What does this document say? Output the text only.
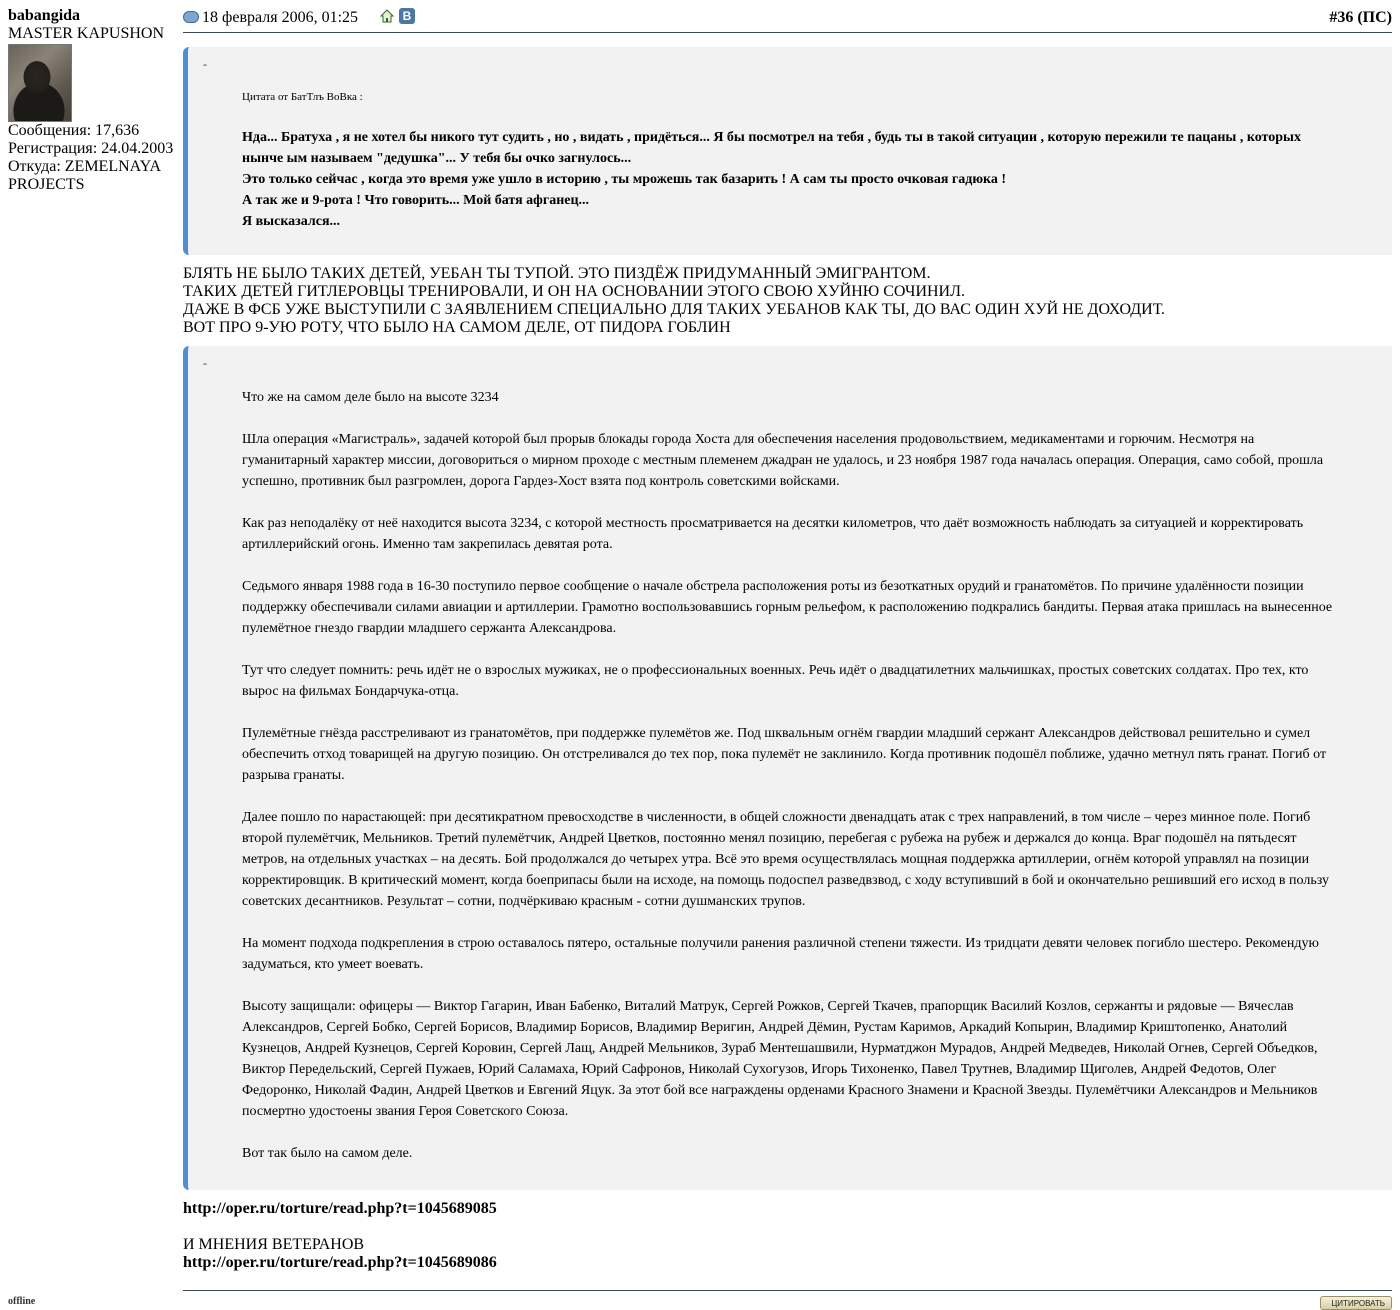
babangida
MASTER KAPUSHON
Сообщения: 17,636
Регистрация: 24.04.2003
Откуда: ZEMELNAYA
PROJECTS
offline
18 февраля 2006, 01:25	В	#36 (ПС)
-
Цитата от БатТлъ ВоВка :
Нда... Братуха , я не хотел бы никого тут судить , но , видать , придёться... Я бы посмотрел на тебя , будь ты в такой ситуации , которую пережили те пацаны , которых нынче ым называем "дедушка"... У тебя бы очко загнулось...
Это только сейчас , когда это время уже ушло в историю , ты мрожешь так базарить ! А сам ты просто очковая гадюка !
А так же и 9-рота ! Что говорить... Мой батя афганец...
Я высказался...
БЛЯТЬ НЕ БЫЛО ТАКИХ ДЕТЕЙ, УЕБАН ТЫ ТУПОЙ. ЭТО ПИЗДЁЖ ПРИДУМАННЫЙ ЭМИГРАНТОМ.
ТАКИХ ДЕТЕЙ ГИТЛЕРОВЦЫ ТРЕНИРОВАЛИ, И ОН НА ОСНОВАНИИ ЭТОГО СВОЮ ХУЙНЮ СОЧИНИЛ.
ДАЖЕ В ФСБ УЖЕ ВЫСТУПИЛИ С ЗАЯВЛЕНИЕМ СПЕЦИАЛЬНО ДЛЯ ТАКИХ УЕБАНОВ КАК ТЫ, ДО ВАС ОДИН ХУЙ НЕ ДОХОДИТ.
ВОТ ПРО 9-УЮ РОТУ, ЧТО БЫЛО НА САМОМ ДЕЛЕ, ОТ ПИДОРА ГОБЛИН
-

Что же на самом деле было на высоте 3234

Шла операция «Магистраль», задачей которой был прорыв блокады города Хоста для обеспечения населения продовольствием, медикаментами и горючим. Несмотря на гуманитарный характер миссии, договориться о мирном проходе с местным племенем джадран не удалось, и 23 ноября 1987 года началась операция. Операция, само собой, прошла успешно, противник был разгромлен, дорога Гардез-Хост взята под контроль советскими войсками.

Как раз неподалёку от неё находится высота 3234, с которой местность просматривается на десятки километров, что даёт возможность наблюдать за ситуацией и корректировать артиллерийский огонь. Именно там закрепилась девятая рота.

Седьмого января 1988 года в 16-30 поступило первое сообщение о начале обстрела расположения роты из безоткатных орудий и гранатомётов. По причине удалённости позиции поддержку обеспечивали силами авиации и артиллерии. Грамотно воспользовавшись горным рельефом, к расположению подкрались бандиты. Первая атака пришлась на вынесенное пулемётное гнездо гвардии младшего сержанта Александрова.

Тут что следует помнить: речь идёт не о взрослых мужиках, не о профессиональных военных. Речь идёт о двадцатилетних мальчишках, простых советских солдатах. Про тех, кто вырос на фильмах Бондарчука-отца.

Пулемётные гнёзда расстреливают из гранатомётов, при поддержке пулемётов же. Под шквальным огнём гвардии младший сержант Александров действовал решительно и сумел обеспечить отход товарищей на другую позицию. Он отстреливался до тех пор, пока пулемёт не заклинило. Когда противник подошёл поближе, удачно метнул пять гранат. Погиб от разрыва гранаты.

Далее пошло по нарастающей: при десятикратном превосходстве в численности, в общей сложности двенадцать атак с трех направлений, в том числе – через минное поле. Погиб второй пулемётчик, Мельников. Третий пулемётчик, Андрей Цветков, постоянно менял позицию, перебегая с рубежа на рубеж и держался до конца. Враг подошёл на пятьдесят метров, на отдельных участках – на десять. Бой продолжался до четырех утра. Всё это время осуществлялась мощная поддержка артиллерии, огнём которой управлял на позиции корректировщик. В критический момент, когда боеприпасы были на исходе, на помощь подоспел разведвзвод, с ходу вступивший в бой и окончательно решивший его исход в пользу советских десантников. Результат – сотни, подчёркиваю красным - сотни душманских трупов.

На момент подхода подкрепления в строю оставалось пятеро, остальные получили ранения различной степени тяжести. Из тридцати девяти человек погибло шестеро. Рекомендую задуматься, кто умеет воевать.

Высоту защищали: офицеры — Виктор Гагарин, Иван Бабенко, Виталий Матрук, Сергей Рожков, Сергей Ткачев, прапорщик Василий Козлов, сержанты и рядовые — Вячеслав Александров, Сергей Бобко, Сергей Борисов, Владимир Борисов, Владимир Веригин, Андрей Дёмин, Рустам Каримов, Аркадий Копырин, Владимир Криштопенко, Анатолий Кузнецов, Андрей Кузнецов, Сергей Коровин, Сергей Лащ, Андрей Мельников, Зураб Ментешашвили, Нурматджон Мурадов, Андрей Медведев, Николай Огнев, Сергей Объедков, Виктор Передельский, Сергей Пужаев, Юрий Саламаха, Юрий Сафронов, Николай Сухогузов, Игорь Тихоненко, Павел Трутнев, Владимир Щиголев, Андрей Федотов, Олег Федоронко, Николай Фадин, Андрей Цветков и Евгений Яцук. За этот бой все награждены орденами Красного Знамени и Красной Звезды. Пулемётчики Александров и Мельников посмертно удостоены звания Героя Советского Союза.

Вот так было на самом деле.

http://oper.ru/torture/read.php?t=1045689085
И МНЕНИЯ ВЕТЕРАНОВ
http://oper.ru/torture/read.php?t=1045689086
ЦИТИРОВАТЬ
